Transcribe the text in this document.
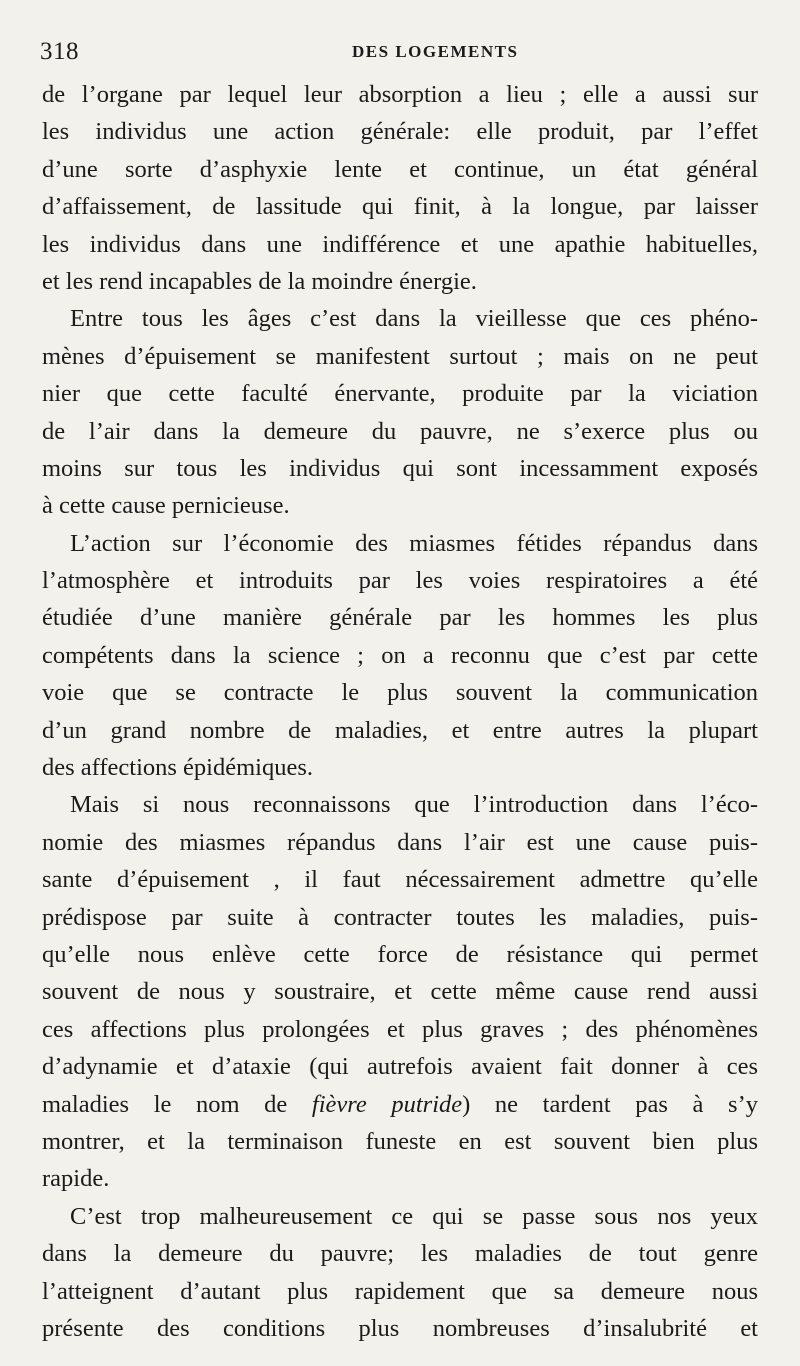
318	DES LOGEMENTS
de l’organe par lequel leur absorption a lieu ; elle a aussi sur
les individus une action générale: elle produit, par l’effet
d’une sorte d’asphyxie lente et continue, un état général
d’affaissement, de lassitude qui finit, à la longue, par laisser
les individus dans une indifférence et une apathie habituelles,
et les rend incapables de la moindre énergie.
Entre tous les âges c’est dans la vieillesse que ces phéno-
mènes d’épuisement se manifestent surtout ; mais on ne peut
nier que cette faculté énervante, produite par la viciation
de l’air dans la demeure du pauvre, ne s’exerce plus ou
moins sur tous les individus qui sont incessamment exposés
à cette cause pernicieuse.
L’action sur l’économie des miasmes fétides répandus dans
l’atmosphère et introduits par les voies respiratoires a été
étudiée d’une manière générale par les hommes les plus
compétents dans la science ; on a reconnu que c’est par cette
voie que se contracte le plus souvent la communication
d’un grand nombre de maladies, et entre autres la plupart
des affections épidémiques.
Mais si nous reconnaissons que l’introduction dans l’éco-
nomie des miasmes répandus dans l’air est une cause puis-
sante d’épuisement , il faut nécessairement admettre qu’elle
prédispose par suite à contracter toutes les maladies, puis-
qu’elle nous enlève cette force de résistance qui permet
souvent de nous y soustraire, et cette même cause rend aussi
ces affections plus prolongées et plus graves ; des phénomènes
d’adynamie et d’ataxie (qui autrefois avaient fait donner à ces
maladies le nom de fièvre putride) ne tardent pas à s’y
montrer, et la terminaison funeste en est souvent bien plus
rapide.
C’est trop malheureusement ce qui se passe sous nos yeux
dans la demeure du pauvre; les maladies de tout genre
l’atteignent d’autant plus rapidement que sa demeure nous
présente des conditions plus nombreuses d’insalubrité et
